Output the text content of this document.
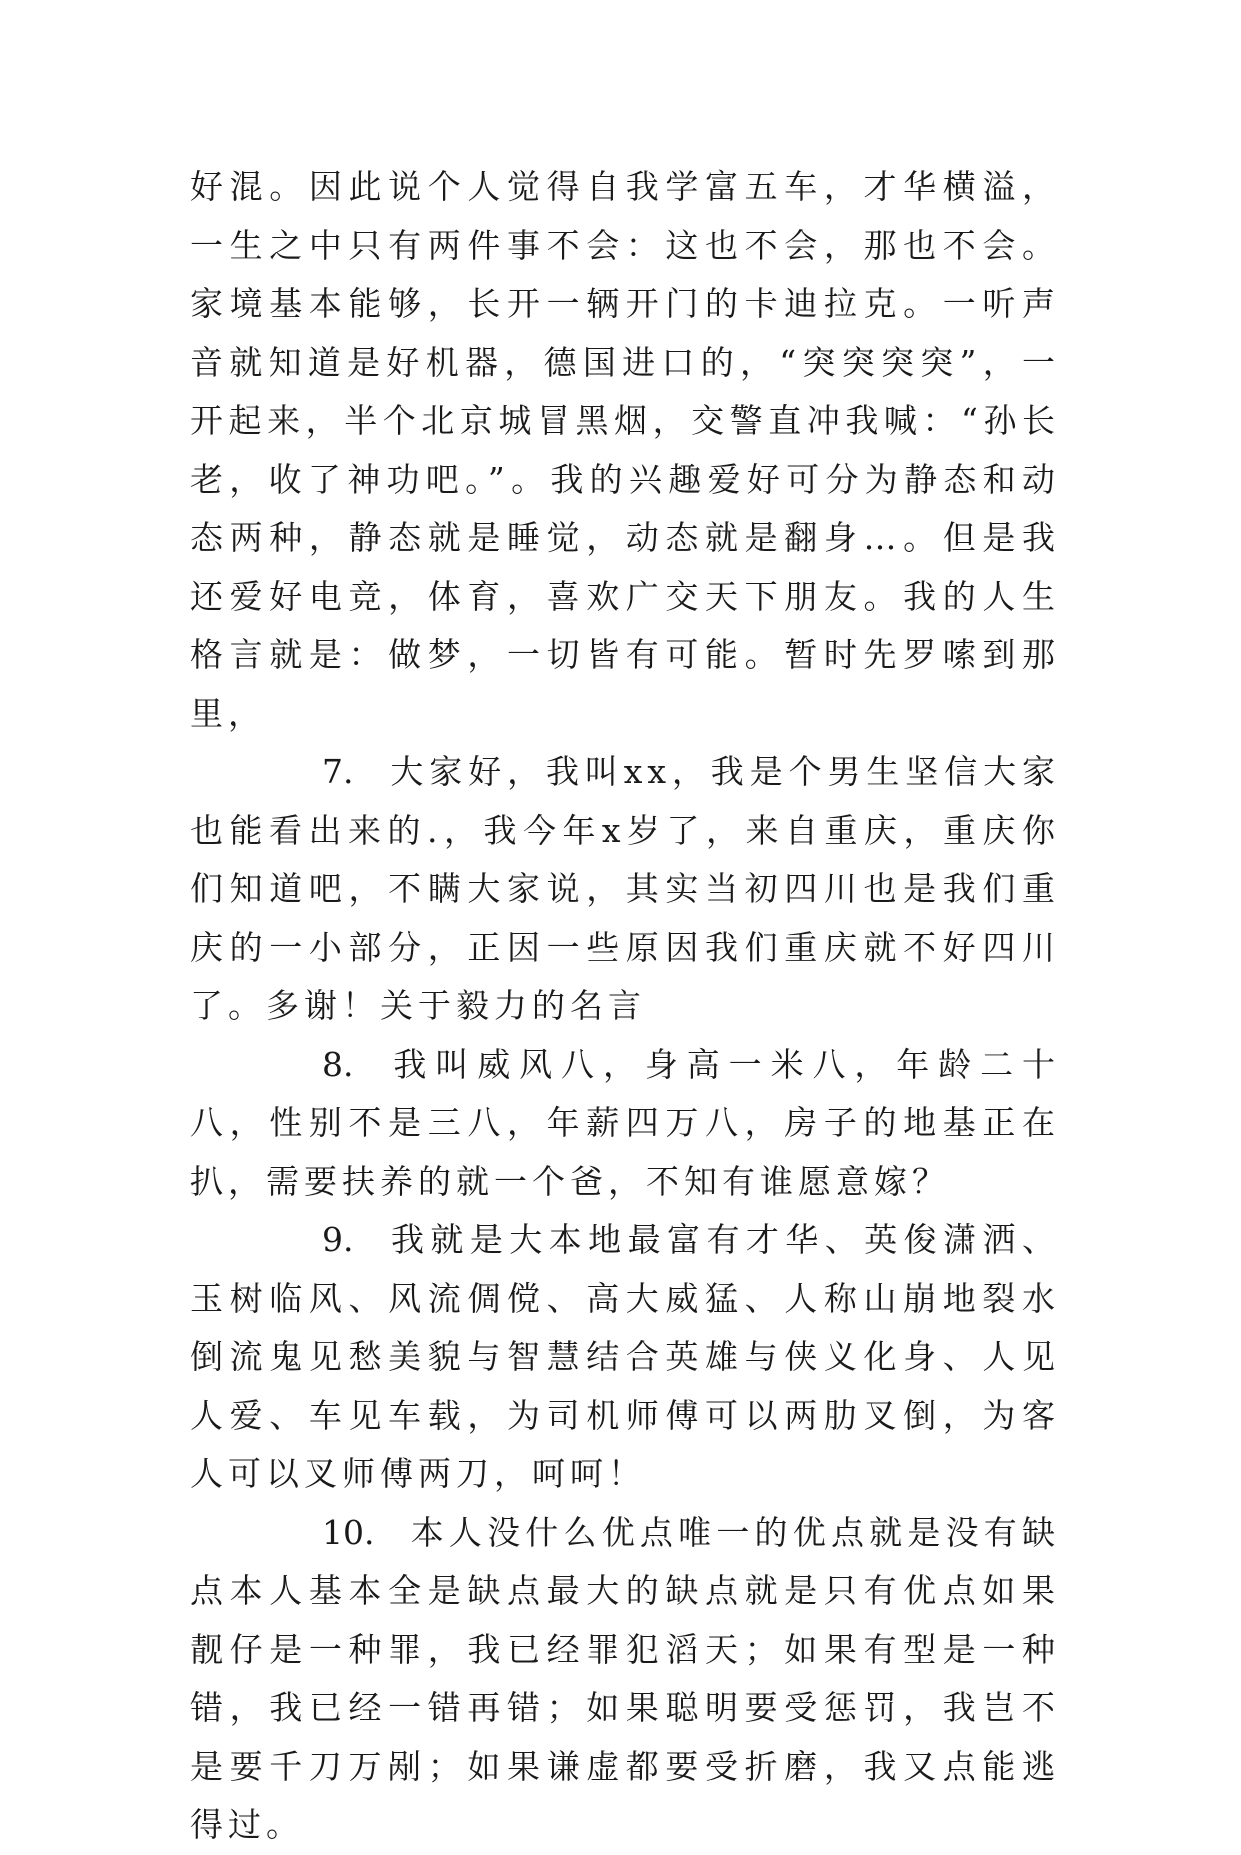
好混。因此说个人觉得自我学富五车，才华横溢，一生之中只有两件事不会：这也不会，那也不会。家境基本能够，长开一辆开门的卡迪拉克。一听声音就知道是好机器，德国进口的，“突突突突”，一开起来，半个北京城冒黑烟，交警直冲我喊：“孙长老，收了神功吧。”。我的兴趣爱好可分为静态和动态两种，静态就是睡觉，动态就是翻身…。但是我还爱好电竞，体育，喜欢广交天下朋友。我的人生格言就是：做梦，一切皆有可能。暂时先罗嗦到那里，

7. 大家好，我叫xx，我是个男生坚信大家也能看出来的.，我今年x岁了，来自重庆，重庆你们知道吧，不瞒大家说，其实当初四川也是我们重庆的一小部分，正因一些原因我们重庆就不好四川了。多谢！关于毅力的名言

8. 我叫威风八，身高一米八，年龄二十八，性别不是三八，年薪四万八，房子的地基正在扒，需要扶养的就一个爸，不知有谁愿意嫁？

9. 我就是大本地最富有才华、英俊潇洒、玉树临风、风流倜傥、高大威猛、人称山崩地裂水倒流鬼见愁美貌与智慧结合英雄与侠义化身、人见人爱、车见车载，为司机师傅可以两肋叉倒，为客人可以叉师傅两刀，呵呵！

10. 本人没什么优点唯一的优点就是没有缺点本人基本全是缺点最大的缺点就是只有优点如果靓仔是一种罪，我已经罪犯滔天；如果有型是一种错，我已经一错再错；如果聪明要受惩罚，我岂不是要千刀万剐；如果谦虚都要受折磨，我又点能逃得过。
